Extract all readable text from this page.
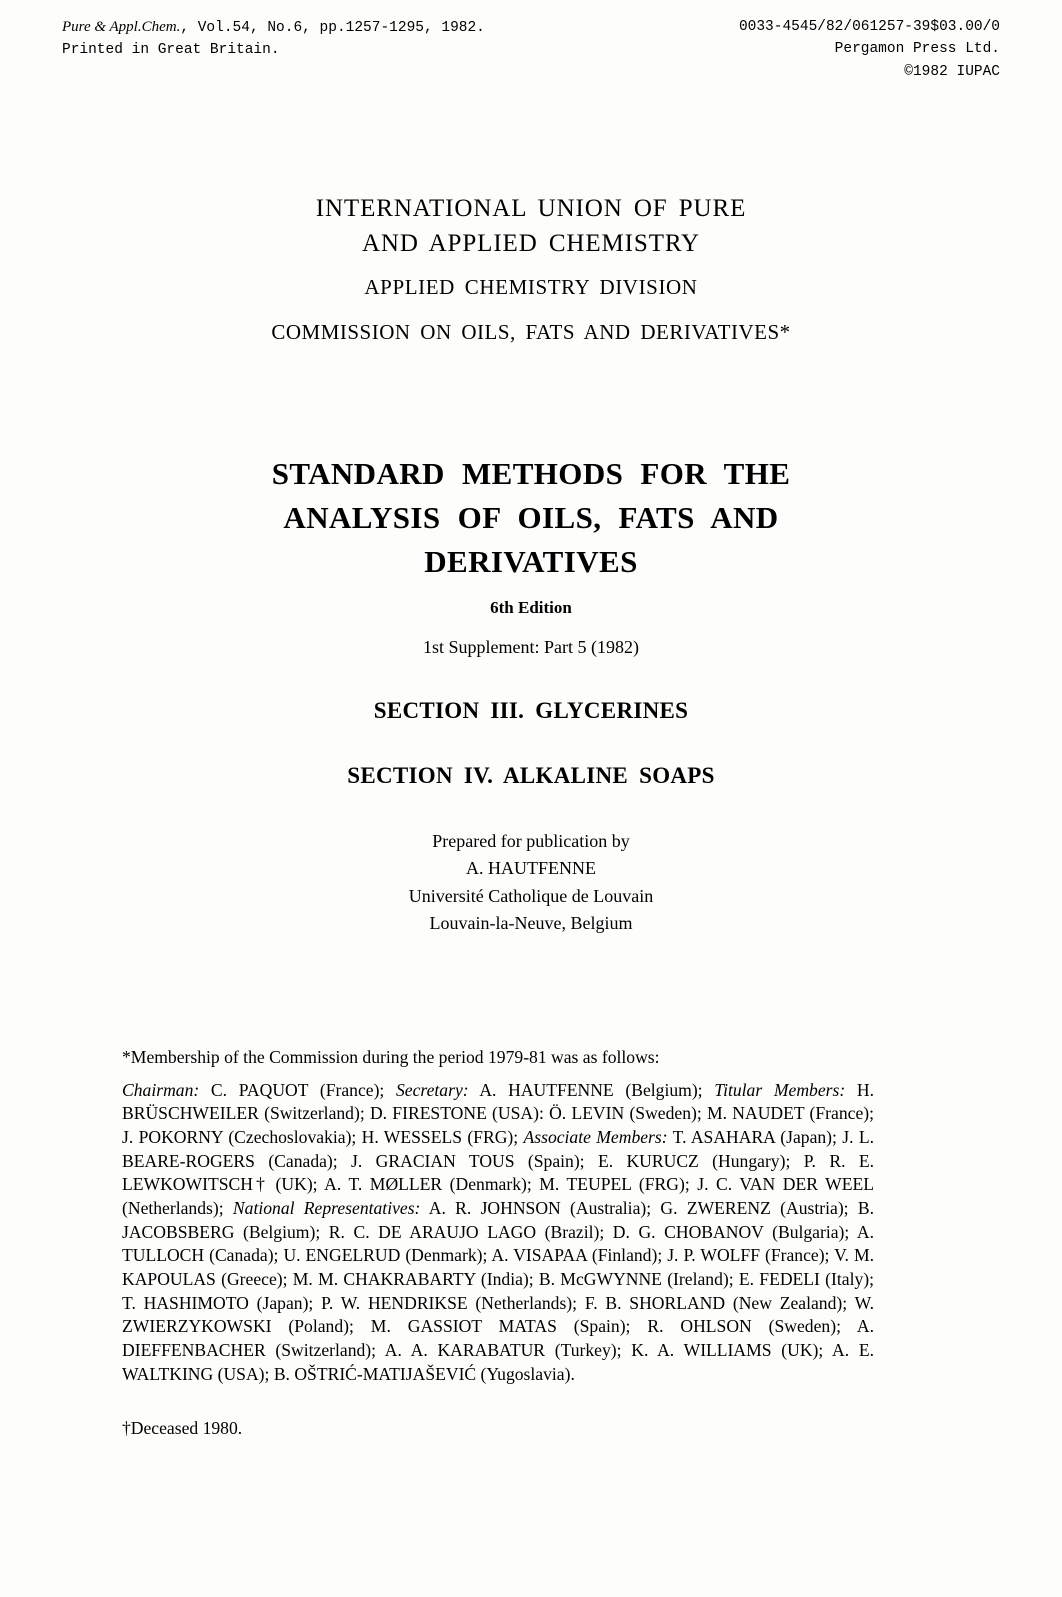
Pure & Appl.Chem., Vol.54, No.6, pp.1257-1295, 1982.
Printed in Great Britain.
0033-4545/82/061257-39$03.00/0
Pergamon Press Ltd.
©1982 IUPAC
INTERNATIONAL UNION OF PURE
AND APPLIED CHEMISTRY
APPLIED CHEMISTRY DIVISION
COMMISSION ON OILS, FATS AND DERIVATIVES*
STANDARD METHODS FOR THE
ANALYSIS OF OILS, FATS AND
DERIVATIVES
6th Edition
1st Supplement: Part 5 (1982)
SECTION III. GLYCERINES
SECTION IV. ALKALINE SOAPS
Prepared for publication by
A. HAUTFENNE
Université Catholique de Louvain
Louvain-la-Neuve, Belgium
*Membership of the Commission during the period 1979-81 was as follows:
Chairman: C. PAQUOT (France); Secretary: A. HAUTFENNE (Belgium); Titular Members: H. BRÜSCHWEILER (Switzerland); D. FIRESTONE (USA): Ö. LEVIN (Sweden); M. NAUDET (France); J. POKORNY (Czechoslovakia); H. WESSELS (FRG); Associate Members: T. ASAHARA (Japan); J. L. BEARE-ROGERS (Canada); J. GRACIAN TOUS (Spain); E. KURUCZ (Hungary); P. R. E. LEWKOWITSCH† (UK); A. T. MØLLER (Denmark); M. TEUPEL (FRG); J. C. VAN DER WEEL (Netherlands); National Representatives: A. R. JOHNSON (Australia); G. ZWERENZ (Austria); B. JACOBSBERG (Belgium); R. C. DE ARAUJO LAGO (Brazil); D. G. CHOBANOV (Bulgaria); A. TULLOCH (Canada); U. ENGELRUD (Denmark); A. VISAPAA (Finland); J. P. WOLFF (France); V. M. KAPOULAS (Greece); M. M. CHAKRABARTY (India); B. McGWYNNE (Ireland); E. FEDELI (Italy); T. HASHIMOTO (Japan); P. W. HENDRIKSE (Netherlands); F. B. SHORLAND (New Zealand); W. ZWIERZYKOWSKI (Poland); M. GASSIOT MATAS (Spain); R. OHLSON (Sweden); A. DIEFFENBACHER (Switzerland); A. A. KARABATUR (Turkey); K. A. WILLIAMS (UK); A. E. WALTKING (USA); B. OŠTRIĆ-MATIJAŠEVIĆ (Yugoslavia).
†Deceased 1980.
